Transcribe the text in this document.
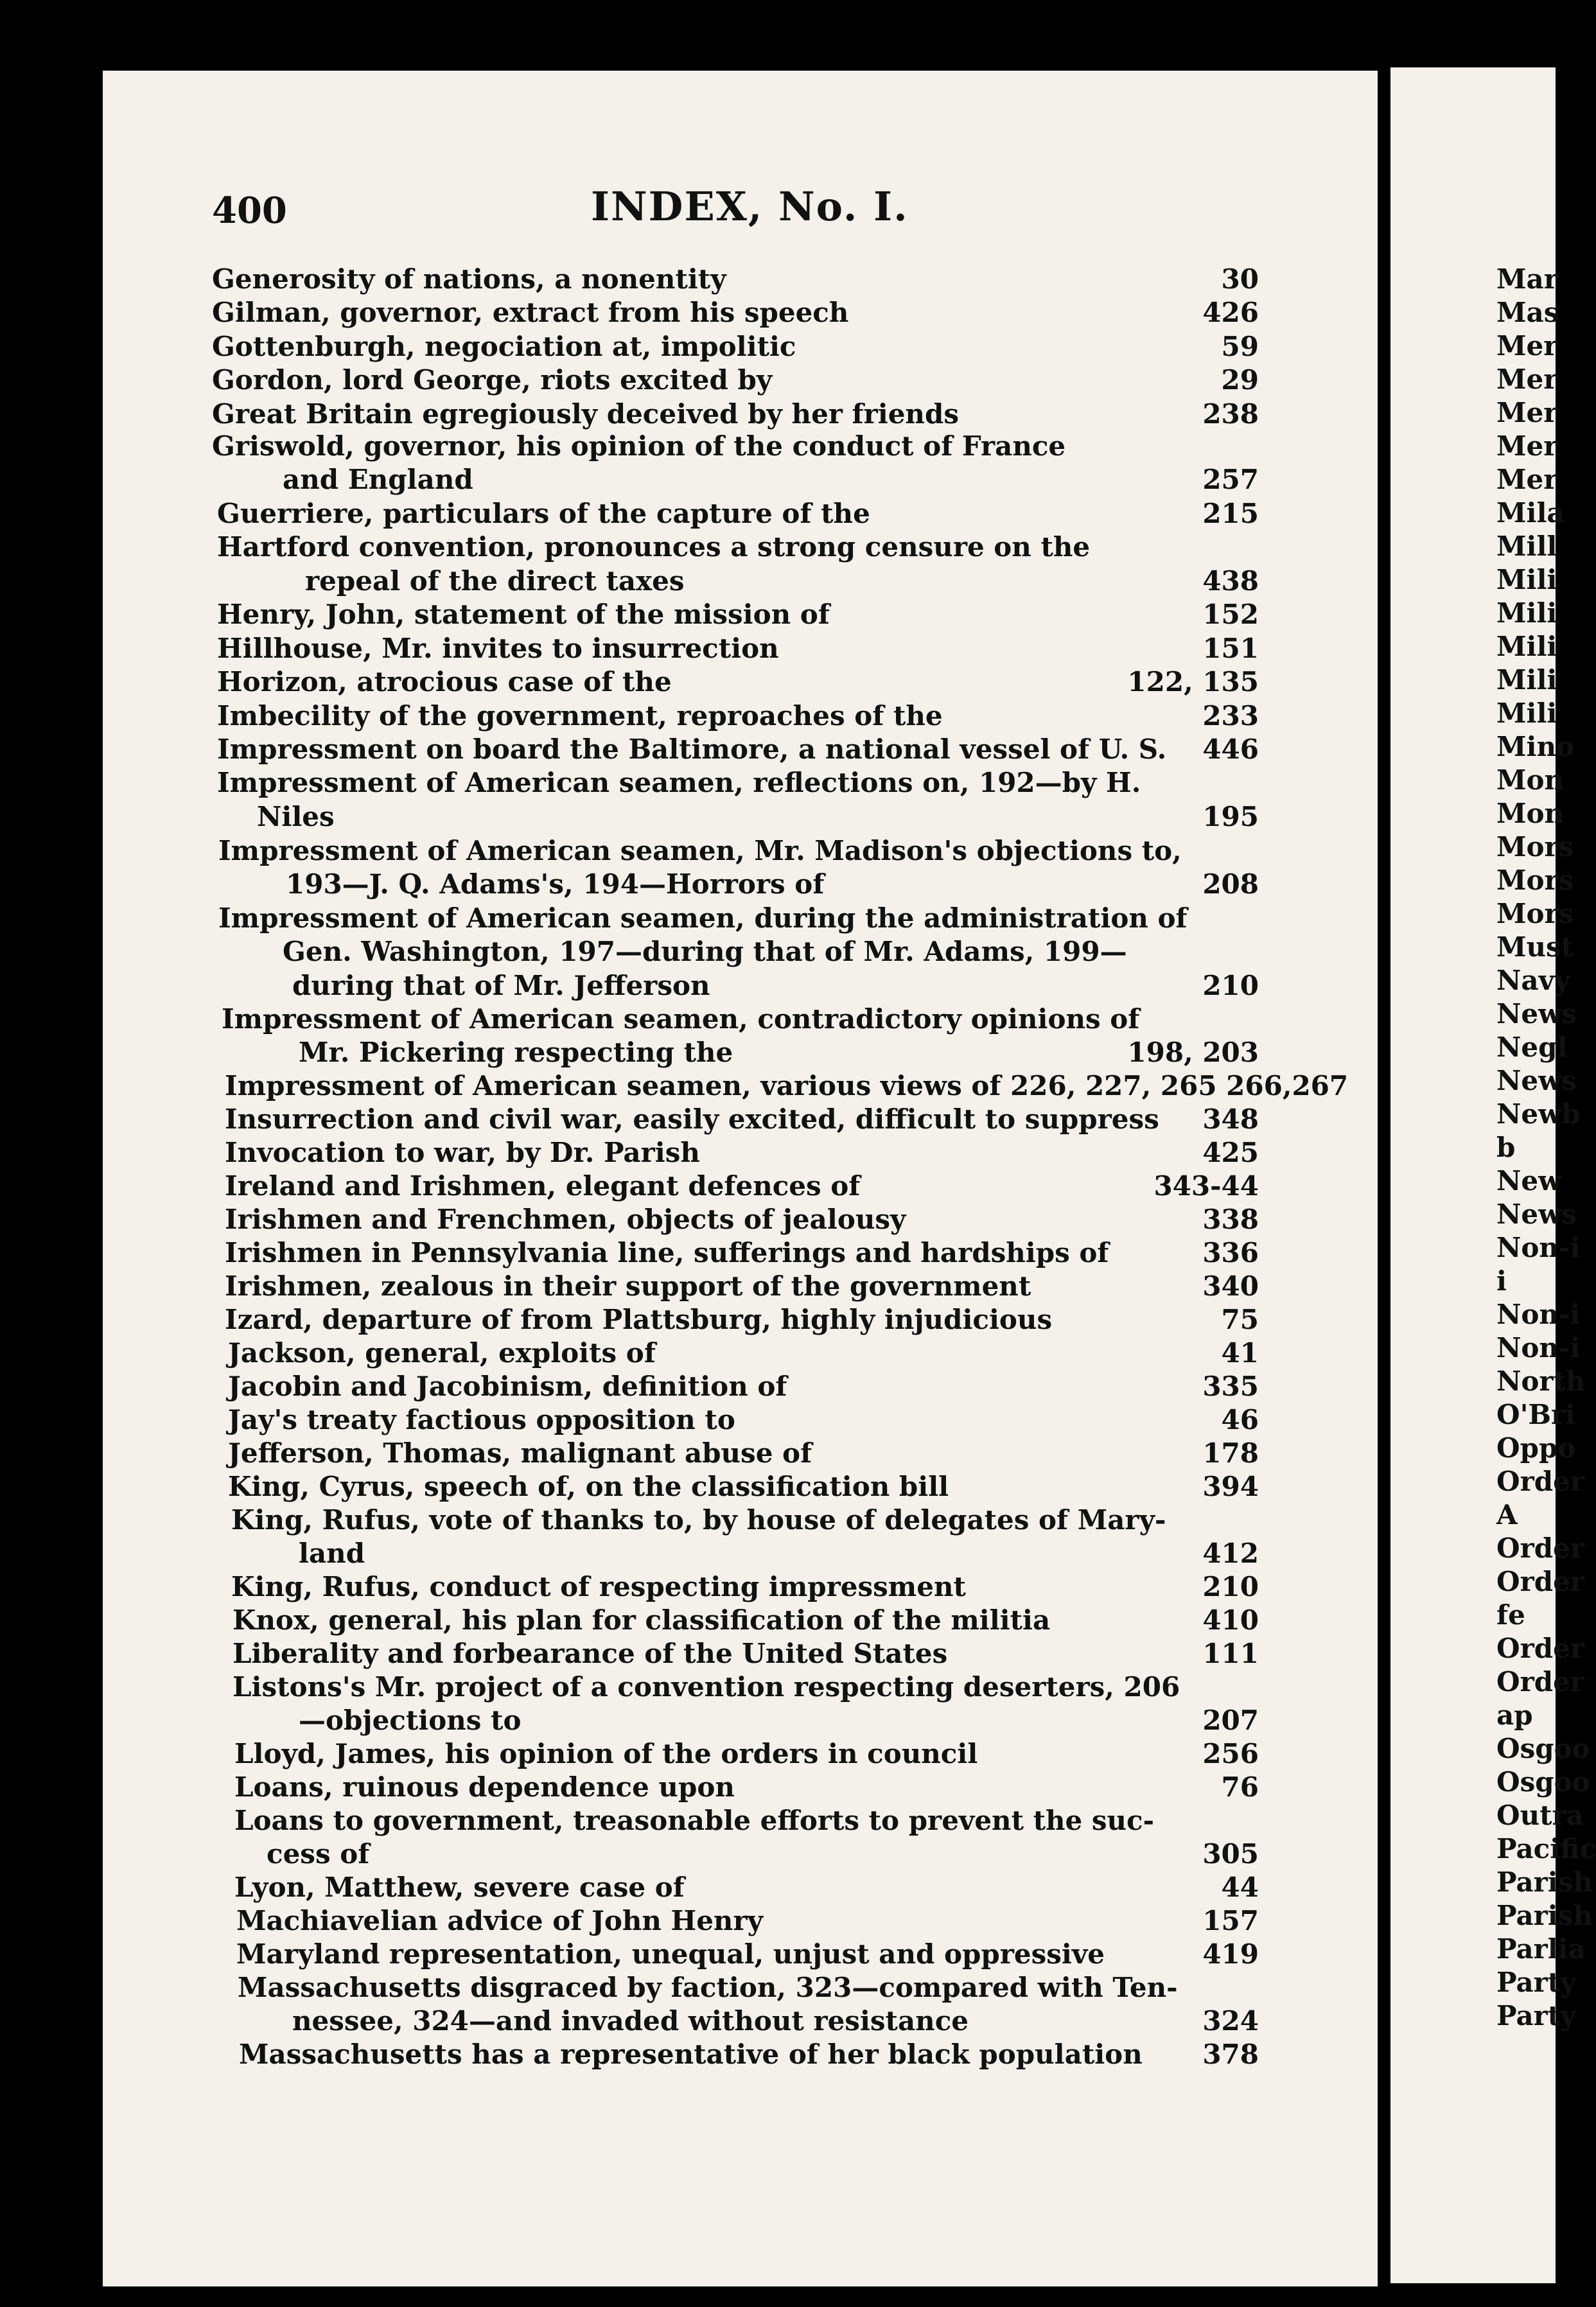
400	INDEX, No. I.
Generosity of nations, a nonentity	30
Gilman, governor, extract from his speech	426
Gottenburgh, negociation at, impolitic	59
Gordon, lord George, riots excited by	29
Great Britain egregiously deceived by her friends	238
Griswold, governor, his opinion of the conduct of France
and England	257
Guerriere, particulars of the capture of the	215
Hartford convention, pronounces a strong censure on the
repeal of the direct taxes	438
Henry, John, statement of the mission of	152
Hillhouse, Mr. invites to insurrection	151
Horizon, atrocious case of the	122, 135
Imbecility of the government, reproaches of the	233
Impressment on board the Baltimore, a national vessel of U. S.	446
Impressment of American seamen, reflections on, 192—by H.
Niles	195
Impressment of American seamen, Mr. Madison's objections to,
193—J. Q. Adams's, 194—Horrors of	208
Impressment of American seamen, during the administration of
Gen. Washington, 197—during that of Mr. Adams, 199—
during that of Mr. Jefferson	210
Impressment of American seamen, contradictory opinions of
Mr. Pickering respecting the	198, 203
Impressment of American seamen, various views of 226, 227, 265 266,267
Insurrection and civil war, easily excited, difficult to suppress	348
Invocation to war, by Dr. Parish	425
Ireland and Irishmen, elegant defences of	343-44
Irishmen and Frenchmen, objects of jealousy	338
Irishmen in Pennsylvania line, sufferings and hardships of	336
Irishmen, zealous in their support of the government	340
Izard, departure of from Plattsburg, highly injudicious	75
Jackson, general, exploits of	41
Jacobin and Jacobinism, definition of	335
Jay's treaty factious opposition to	46
Jefferson, Thomas, malignant abuse of	178
King, Cyrus, speech of, on the classification bill	394
King, Rufus, vote of thanks to, by house of delegates of Mary-
land	412
King, Rufus, conduct of respecting impressment	210
Knox, general, his plan for classification of the militia	410
Liberality and forbearance of the United States	111
Listons's Mr. project of a convention respecting deserters, 206
—objections to	207
Lloyd, James, his opinion of the orders in council	256
Loans, ruinous dependence upon	76
Loans to government, treasonable efforts to prevent the suc-
cess of	305
Lyon, Matthew, severe case of	44
Machiavelian advice of John Henry	157
Maryland representation, unequal, unjust and oppressive	419
Massachusetts disgraced by faction, 323—compared with Ten-
nessee, 324—and invaded without resistance	324
Massachusetts has a representative of her black population	378
Mar
Mas
Mer
Mer
Mer
Mer
Mer
Mila
Mill
Mili
Mili
Mili
Mili
Mili
Mino
Mon
Mon
Mors
Mors
Mors
Must
Navy
News
Negl
News
Newb
b
New
News
Non-i
i
Non-i
Non-i
North
O'Bri
Oppo
Order
A
Order
Order
fe
Order
Order
ap
Osgoo
Osgoo
Outra
Pacific
Parish
Parish
Parlia
Party
Party
